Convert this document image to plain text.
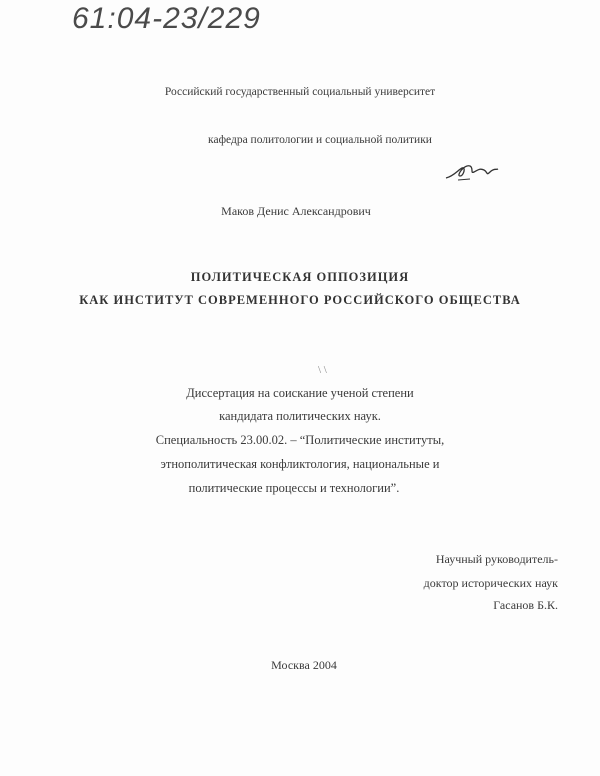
61:04-23/229
Российский государственный социальный университет
кафедра политологии и социальной политики
Маков Денис Александрович
ПОЛИТИЧЕСКАЯ ОППОЗИЦИЯ
КАК ИНСТИТУТ СОВРЕМЕННОГО РОССИЙСКОГО ОБЩЕСТВА
\ \
Диссертация на соискание ученой степени
кандидата политических наук.
Специальность 23.00.02. – “Политические институты,
этнополитическая конфликтология, национальные и
политические процессы и технологии”.
Научный руководитель-
доктор исторических наук
Гасанов Б.К.
Москва 2004
